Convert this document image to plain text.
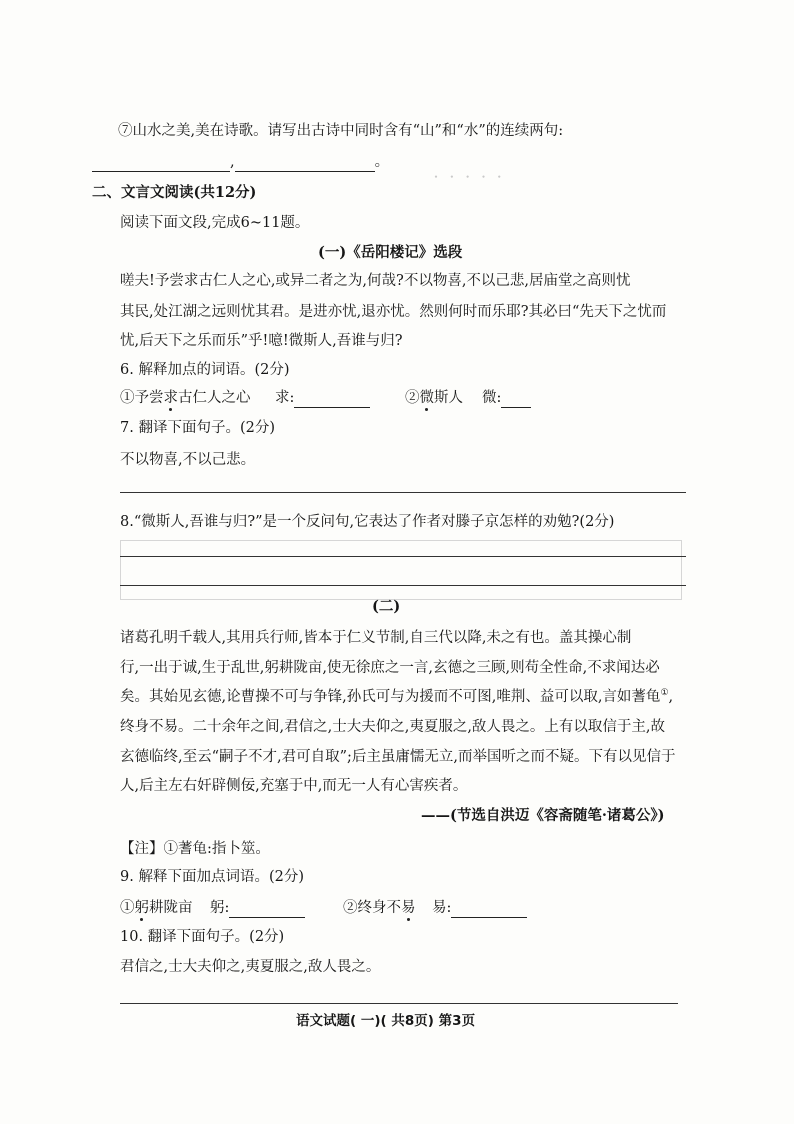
・ ・ ・ ・ ・
⑦山水之美,美在诗歌。请写出古诗中同时含有“山”和“水”的连续两句:
,	。
二、文言文阅读(共12分)
阅读下面文段,完成6~11题。
(一)《岳阳楼记》选段
嗟夫!予尝求古仁人之心,或异二者之为,何哉?不以物喜,不以己悲,居庙堂之高则忧
其民,处江湖之远则忧其君。是进亦忧,退亦忧。然则何时而乐耶?其必曰“先天下之忧而
忧,后天下之乐而乐”乎!噫!微斯人,吾谁与归?
6. 解释加点的词语。(2分)
①予尝求古仁人之心 求:	②微斯人 微:
7. 翻译下面句子。(2分)
不以物喜,不以己悲。
8.“微斯人,吾谁与归?”是一个反问句,它表达了作者对滕子京怎样的劝勉?(2分)
(二)
诸葛孔明千载人,其用兵行师,皆本于仁义节制,自三代以降,未之有也。盖其操心制
行,一出于诚,生于乱世,躬耕陇亩,使无徐庶之一言,玄德之三顾,则苟全性命,不求闻达必
矣。其始见玄德,论曹操不可与争锋,孙氏可与为援而不可图,唯荆、益可以取,言如蓍龟①,
终身不易。二十余年之间,君信之,士大夫仰之,夷夏服之,敌人畏之。上有以取信于主,故
玄德临终,至云“嗣子不才,君可自取”;后主虽庸懦无立,而举国听之而不疑。下有以见信于
人,后主左右奸辟侧佞,充塞于中,而无一人有心害疾者。
——(节选自洪迈《容斋随笔·诸葛公》)
【注】①蓍龟:指卜筮。
9. 解释下面加点词语。(2分)
①躬耕陇亩 躬:	②终身不易 易:
10. 翻译下面句子。(2分)
君信之,士大夫仰之,夷夏服之,敌人畏之。
语文试题( 一)( 共8页) 第3页
